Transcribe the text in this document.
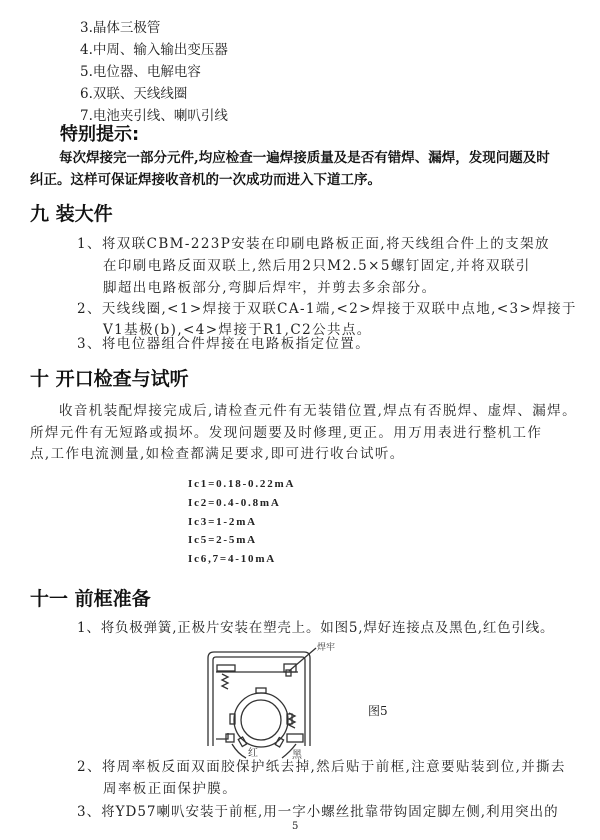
3.晶体三极管
4.中周、输入输出变压器
5.电位器、电解电容
6.双联、天线线圈
7.电池夹引线、喇叭引线
特别提示:
每次焊接完一部分元件,均应检查一遍焊接质量及是否有错焊、漏焊，发现问题及时
纠正。这样可保证焊接收音机的一次成功而进入下道工序。
九 装大件
1、将双联CBM-223P安装在印刷电路板正面,将天线组合件上的支架放
在印刷电路反面双联上,然后用2只M2.5×5螺钉固定,并将双联引
脚超出电路板部分,弯脚后焊牢，并剪去多余部分。
2、天线线圈,<1>焊接于双联CA-1端,<2>焊接于双联中点地,<3>焊接于
V1基极(b),<4>焊接于R1,C2公共点。
3、将电位器组合件焊接在电路板指定位置。
十 开口检查与试听
收音机装配焊接完成后,请检查元件有无装错位置,焊点有否脱焊、虚焊、漏焊。
所焊元件有无短路或损坏。发现问题要及时修理,更正。用万用表进行整机工作
点,工作电流测量,如检查都满足要求,即可进行收台试听。
Ic1=0.18-0.22mA
Ic2=0.4-0.8mA
Ic3=1-2mA
Ic5=2-5mA
Ic6,7=4-10mA
十一 前框准备
1、将负极弹簧,正极片安装在塑壳上。如图5,焊好连接点及黑色,红色引线。
焊牢
红	黑
图5
2、将周率板反面双面胶保护纸去掉,然后贴于前框,注意要贴装到位,并撕去
周率板正面保护膜。
3、将YD57喇叭安装于前框,用一字小螺丝批靠带钩固定脚左侧,利用突出的
5
